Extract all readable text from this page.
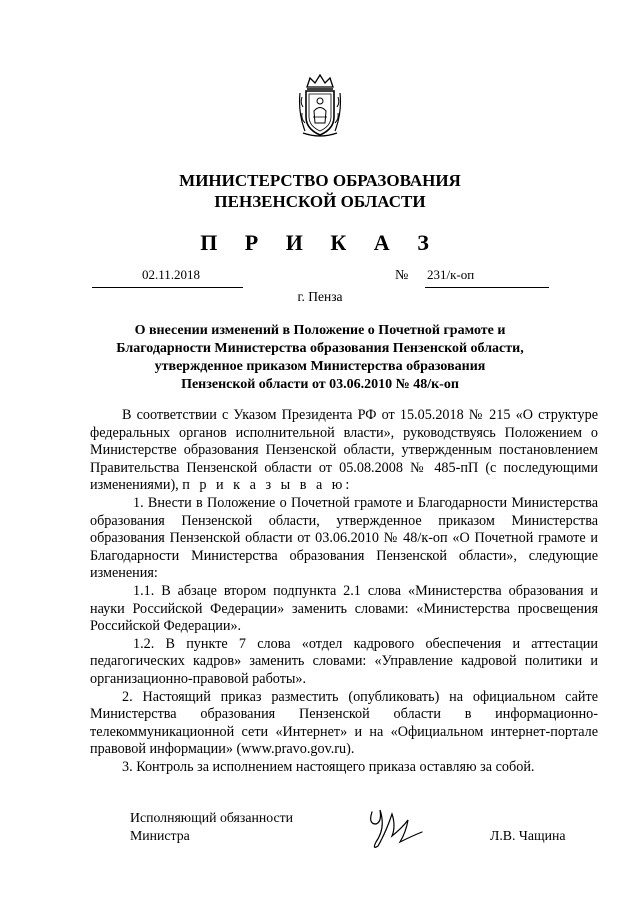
МИНИСТЕРСТВО ОБРАЗОВАНИЯ
ПЕНЗЕНСКОЙ ОБЛАСТИ
П Р И К А З
02.11.2018	№ 231/к-оп
г. Пенза
О внесении изменений в Положение о Почетной грамоте и
Благодарности Министерства образования Пензенской области,
утвержденное приказом Министерства образования
Пензенской области от 03.06.2010 № 48/к-оп

В соответствии с Указом Президента РФ от 15.05.2018 № 215 «О структуре федеральных органов исполнительной власти», руководствуясь Положением о Министерстве образования Пензенской области, утвержденным постановлением Правительства Пензенской области от 05.08.2008 № 485-пП (с последующими изменениями), п р и к а з ы в а ю:

1. Внести в Положение о Почетной грамоте и Благодарности Министерства образования Пензенской области, утвержденное приказом Министерства образования Пензенской области от 03.06.2010 № 48/к-оп «О Почетной грамоте и Благодарности Министерства образования Пензенской области», следующие изменения:

1.1. В абзаце втором подпункта 2.1 слова «Министерства образования и науки Российской Федерации» заменить словами: «Министерства просвещения Российской Федерации».

1.2. В пункте 7 слова «отдел кадрового обеспечения и аттестации педагогических кадров» заменить словами: «Управление кадровой политики и организационно-правовой работы».

2. Настоящий приказ разместить (опубликовать) на официальном сайте Министерства образования Пензенской области в информационно-телекоммуникационной сети «Интернет» и на «Официальном интернет-портале правовой информации» (www.pravo.gov.ru).

3. Контроль за исполнением настоящего приказа оставляю за собой.

Исполняющий обязанности
Министра	Л.В. Чащина
